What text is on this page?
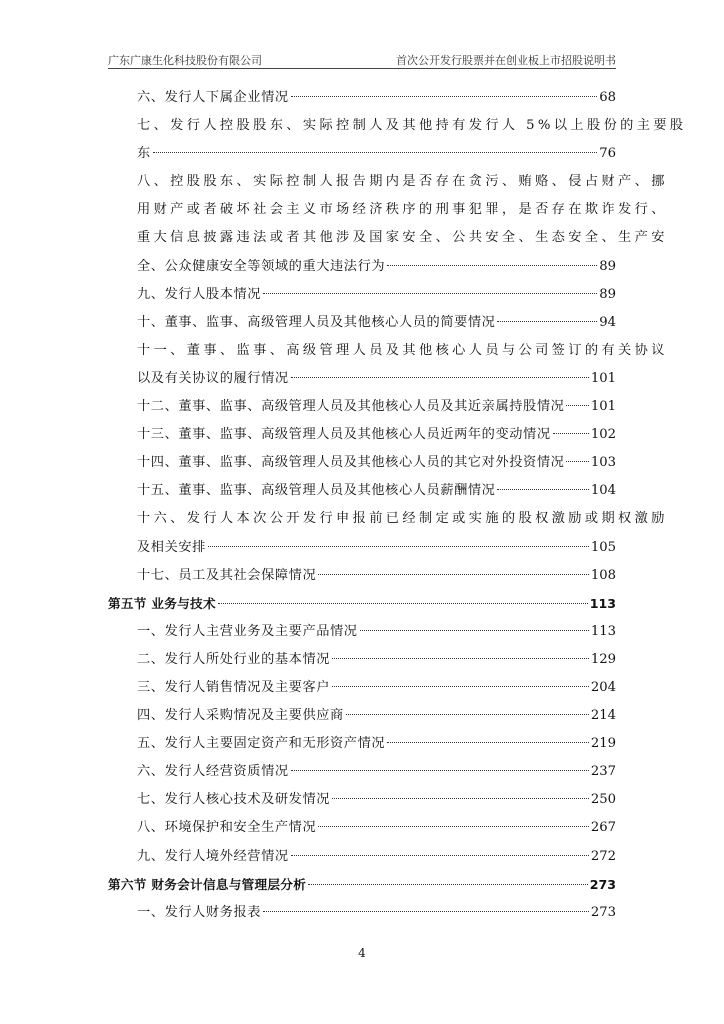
广东广康生化科技股份有限公司	首次公开发行股票并在创业板上市招股说明书
六、发行人下属企业情况	68
七、发行人控股股东、实际控制人及其他持有发行人 5%以上股份的主要股
东	76
八、控股股东、实际控制人报告期内是否存在贪污、贿赂、侵占财产、挪
用财产或者破坏社会主义市场经济秩序的刑事犯罪，是否存在欺诈发行、
重大信息披露违法或者其他涉及国家安全、公共安全、生态安全、生产安
全、公众健康安全等领域的重大违法行为	89
九、发行人股本情况	89
十、董事、监事、高级管理人员及其他核心人员的简要情况	94
十一、董事、监事、高级管理人员及其他核心人员与公司签订的有关协议
以及有关协议的履行情况	101
十二、董事、监事、高级管理人员及其他核心人员及其近亲属持股情况 101
十三、董事、监事、高级管理人员及其他核心人员近两年的变动情况	102
十四、董事、监事、高级管理人员及其他核心人员的其它对外投资情况 103
十五、董事、监事、高级管理人员及其他核心人员薪酬情况	104
十六、发行人本次公开发行申报前已经制定或实施的股权激励或期权激励
及相关安排	105
十七、员工及其社会保障情况	108
第五节 业务与技术	113
一、发行人主营业务及主要产品情况	113
二、发行人所处行业的基本情况	129
三、发行人销售情况及主要客户	204
四、发行人采购情况及主要供应商	214
五、发行人主要固定资产和无形资产情况	219
六、发行人经营资质情况	237
七、发行人核心技术及研发情况	250
八、环境保护和安全生产情况	267
九、发行人境外经营情况	272
第六节 财务会计信息与管理层分析	273
一、发行人财务报表	273
4
